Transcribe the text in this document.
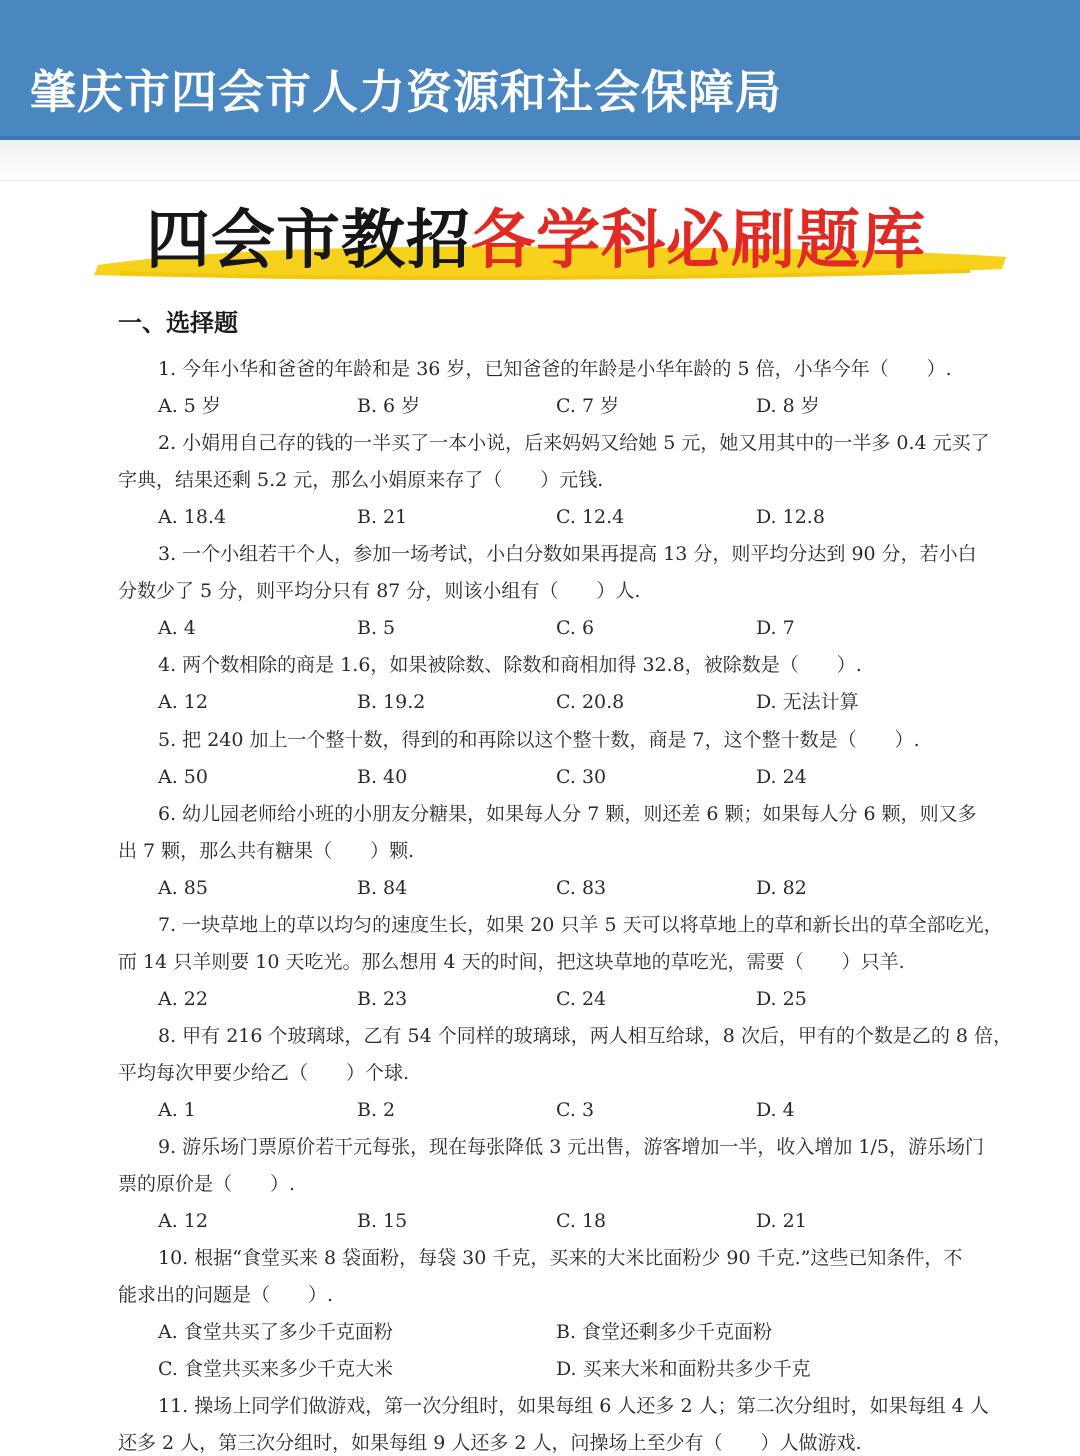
肇庆市四会市人力资源和社会保障局
四会市教招各学科必刷题库
一、选择题
1. 今年小华和爸爸的年龄和是 36 岁，已知爸爸的年龄是小华年龄的 5 倍，小华今年（　　）.
A. 5 岁	B. 6 岁	C. 7 岁	D. 8 岁
2. 小娟用自己存的钱的一半买了一本小说，后来妈妈又给她 5 元，她又用其中的一半多 0.4 元买了
字典，结果还剩 5.2 元，那么小娟原来存了（　　）元钱.
A. 18.4	B. 21	C. 12.4	D. 12.8
3. 一个小组若干个人，参加一场考试，小白分数如果再提高 13 分，则平均分达到 90 分，若小白
分数少了 5 分，则平均分只有 87 分，则该小组有（　　）人.
A. 4	B. 5	C. 6	D. 7
4. 两个数相除的商是 1.6，如果被除数、除数和商相加得 32.8，被除数是（　　）.
A. 12	B. 19.2	C. 20.8	D. 无法计算
5. 把 240 加上一个整十数，得到的和再除以这个整十数，商是 7，这个整十数是（　　）.
A. 50	B. 40	C. 30	D. 24
6. 幼儿园老师给小班的小朋友分糖果，如果每人分 7 颗，则还差 6 颗；如果每人分 6 颗，则又多
出 7 颗，那么共有糖果（　　）颗.
A. 85	B. 84	C. 83	D. 82
7. 一块草地上的草以均匀的速度生长，如果 20 只羊 5 天可以将草地上的草和新长出的草全部吃光，
而 14 只羊则要 10 天吃光。那么想用 4 天的时间，把这块草地的草吃光，需要（　　）只羊.
A. 22	B. 23	C. 24	D. 25
8. 甲有 216 个玻璃球，乙有 54 个同样的玻璃球，两人相互给球，8 次后，甲有的个数是乙的 8 倍，
平均每次甲要少给乙（　　）个球.
A. 1	B. 2	C. 3	D. 4
9. 游乐场门票原价若干元每张，现在每张降低 3 元出售，游客增加一半，收入增加 1/5，游乐场门
票的原价是（　　）.
A. 12	B. 15	C. 18	D. 21
10. 根据“食堂买来 8 袋面粉，每袋 30 千克，买来的大米比面粉少 90 千克.”这些已知条件，不
能求出的问题是（　　）.
A. 食堂共买了多少千克面粉	B. 食堂还剩多少千克面粉
C. 食堂共买来多少千克大米	D. 买来大米和面粉共多少千克
11. 操场上同学们做游戏，第一次分组时，如果每组 6 人还多 2 人；第二次分组时，如果每组 4 人
还多 2 人，第三次分组时，如果每组 9 人还多 2 人，问操场上至少有（　　）人做游戏.
